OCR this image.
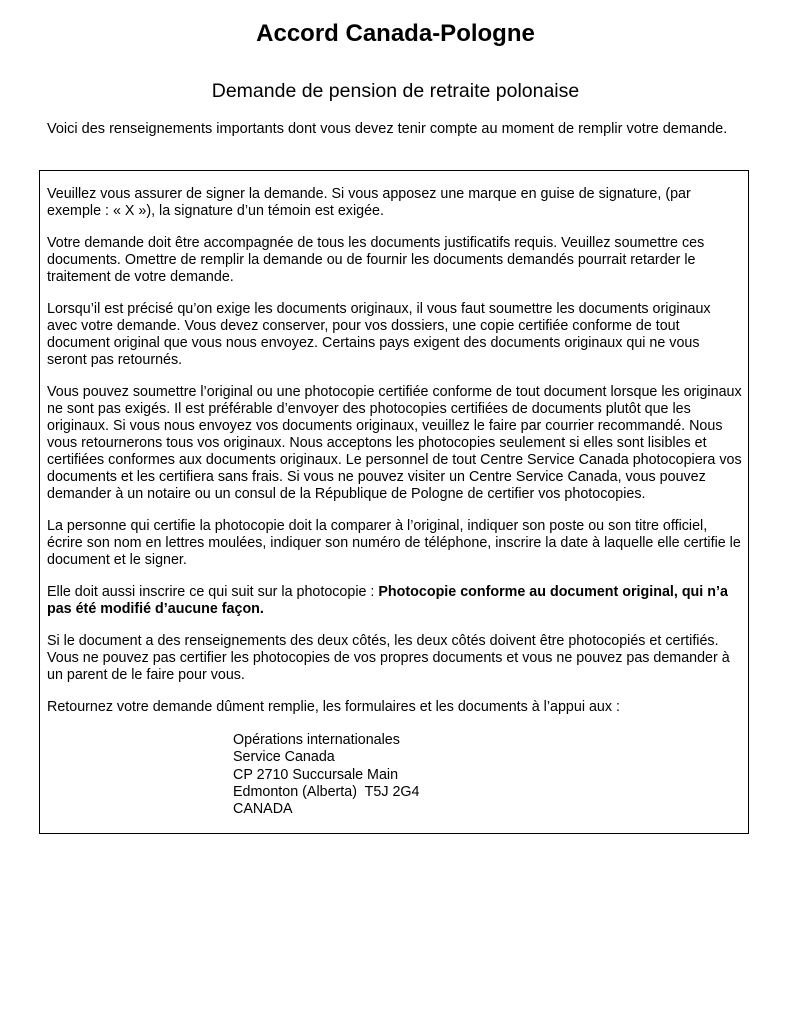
Accord Canada-Pologne
Demande de pension de retraite polonaise

Voici des renseignements importants dont vous devez tenir compte au moment de remplir votre demande.

Veuillez vous assurer de signer la demande. Si vous apposez une marque en guise de signature, (par exemple : « X »), la signature d’un témoin est exigée.

Votre demande doit être accompagnée de tous les documents justificatifs requis. Veuillez soumettre ces documents. Omettre de remplir la demande ou de fournir les documents demandés pourrait retarder le traitement de votre demande.

Lorsqu’il est précisé qu’on exige les documents originaux, il vous faut soumettre les documents originaux avec votre demande. Vous devez conserver, pour vos dossiers, une copie certifiée conforme de tout document original que vous nous envoyez. Certains pays exigent des documents originaux qui ne vous seront pas retournés.

Vous pouvez soumettre l’original ou une photocopie certifiée conforme de tout document lorsque les originaux ne sont pas exigés. Il est préférable d’envoyer des photocopies certifiées de documents plutôt que les originaux. Si vous nous envoyez vos documents originaux, veuillez le faire par courrier recommandé. Nous vous retournerons tous vos originaux. Nous acceptons les photocopies seulement si elles sont lisibles et certifiées conformes aux documents originaux. Le personnel de tout Centre Service Canada photocopiera vos documents et les certifiera sans frais. Si vous ne pouvez visiter un Centre Service Canada, vous pouvez demander à un notaire ou un consul de la République de Pologne de certifier vos photocopies.

La personne qui certifie la photocopie doit la comparer à l’original, indiquer son poste ou son titre officiel, écrire son nom en lettres moulées, indiquer son numéro de téléphone, inscrire la date à laquelle elle certifie le document et le signer.

Elle doit aussi inscrire ce qui suit sur la photocopie : Photocopie conforme au document original, qui n’a pas été modifié d’aucune façon.

Si le document a des renseignements des deux côtés, les deux côtés doivent être photocopiés et certifiés. Vous ne pouvez pas certifier les photocopies de vos propres documents et vous ne pouvez pas demander à un parent de le faire pour vous.

Retournez votre demande dûment remplie, les formulaires et les documents à l’appui aux :

Opérations internationales
Service Canada
CP 2710 Succursale Main
Edmonton (Alberta)  T5J 2G4
CANADA
